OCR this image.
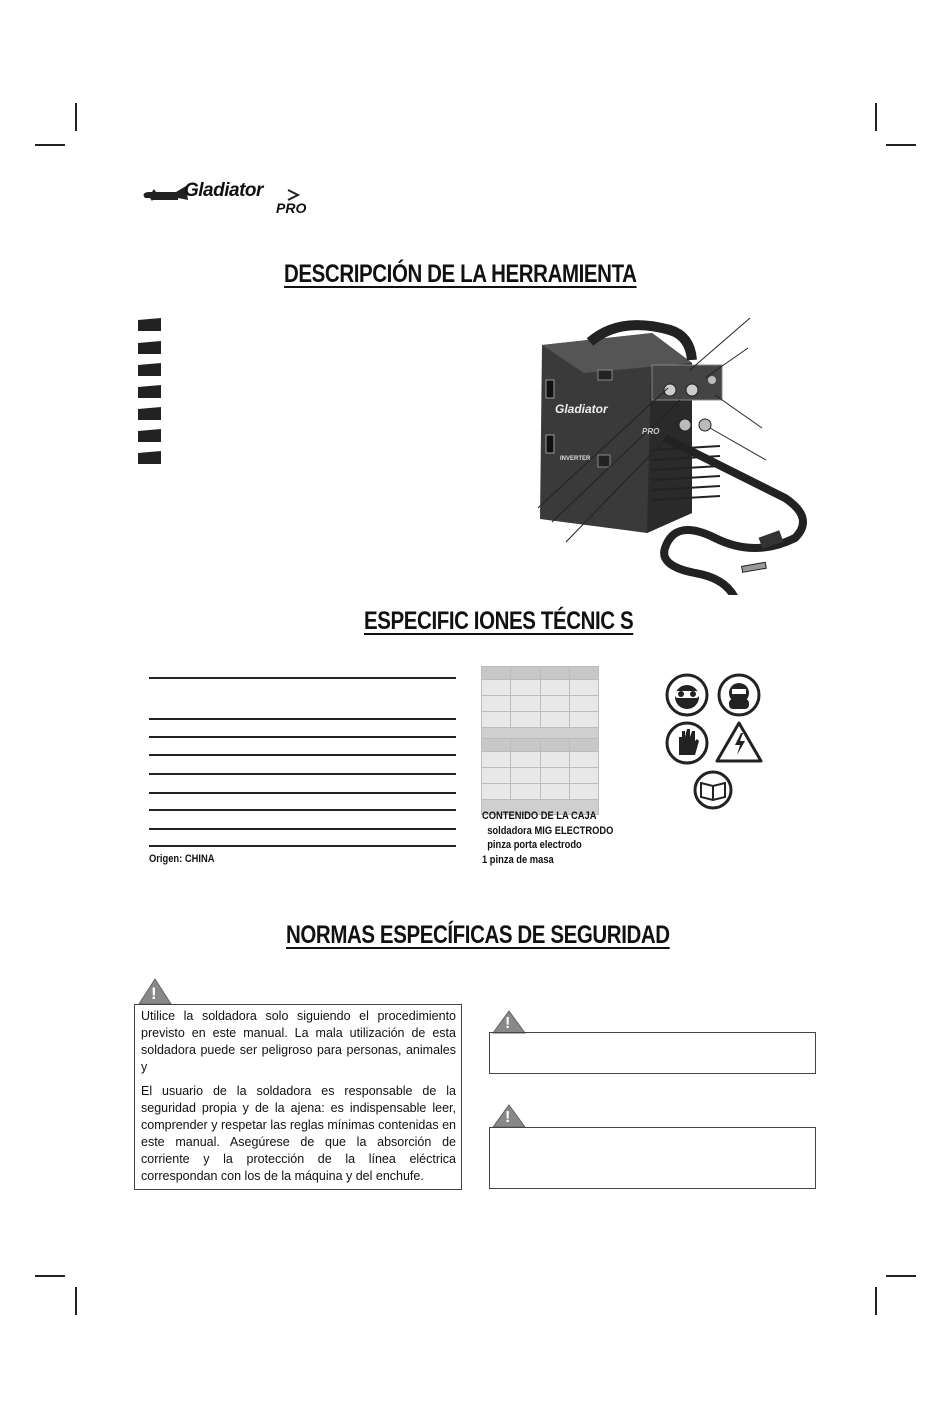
Gladiator
PRO
DESCRIPCIÓN DE LA HERRAMIENTA
Gladiator
PRO
INVERTER
ESPECIFIC IONES TÉCNIC S
Origen: CHINA

CONTENIDO DE LA CAJA
soldadora MIG ELECTRODO
pinza porta electrodo
1 pinza de masa
NORMAS ESPECÍFICAS DE SEGURIDAD
!
Utilice la soldadora solo siguiendo el procedimiento previsto en este manual. La mala utilización de esta soldadora puede ser peligroso para personas, animales y
El usuario de la soldadora es responsable de la seguridad propia y de la ajena: es indispensable leer, comprender y respetar las reglas mínimas contenidas en este manual. Asegúrese de que la absorción de corriente y la protección de la línea eléctrica correspondan con los de la máquina y del enchufe.
!
!
